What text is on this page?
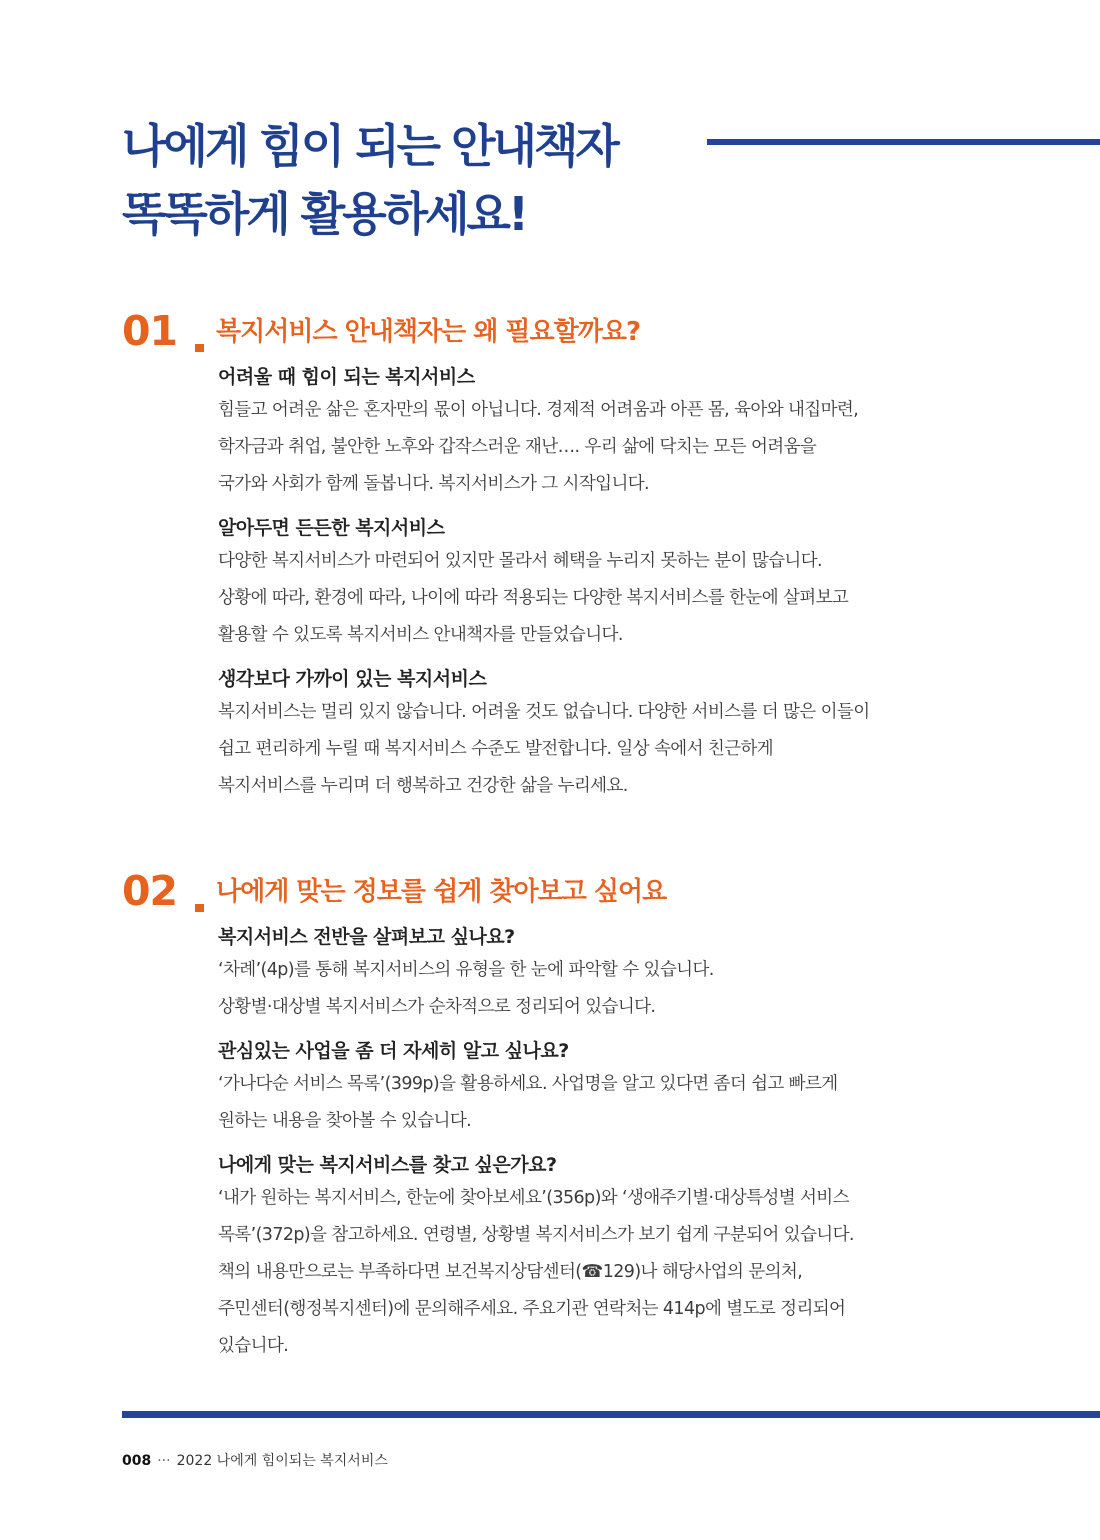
나에게 힘이 되는 안내책자
똑똑하게 활용하세요!
01 복지서비스 안내책자는 왜 필요할까요?
어려울 때 힘이 되는 복지서비스
힘들고 어려운 삶은 혼자만의 몫이 아닙니다. 경제적 어려움과 아픈 몸, 육아와 내집마련,
학자금과 취업, 불안한 노후와 갑작스러운 재난…. 우리 삶에 닥치는 모든 어려움을
국가와 사회가 함께 돌봅니다. 복지서비스가 그 시작입니다.
알아두면 든든한 복지서비스
다양한 복지서비스가 마련되어 있지만 몰라서 혜택을 누리지 못하는 분이 많습니다.
상황에 따라, 환경에 따라, 나이에 따라 적용되는 다양한 복지서비스를 한눈에 살펴보고
활용할 수 있도록 복지서비스 안내책자를 만들었습니다.
생각보다 가까이 있는 복지서비스
복지서비스는 멀리 있지 않습니다. 어려울 것도 없습니다. 다양한 서비스를 더 많은 이들이
쉽고 편리하게 누릴 때 복지서비스 수준도 발전합니다. 일상 속에서 친근하게
복지서비스를 누리며 더 행복하고 건강한 삶을 누리세요.
02 나에게 맞는 정보를 쉽게 찾아보고 싶어요
복지서비스 전반을 살펴보고 싶나요?
‘차례’(4p)를 통해 복지서비스의 유형을 한 눈에 파악할 수 있습니다.
상황별·대상별 복지서비스가 순차적으로 정리되어 있습니다.
관심있는 사업을 좀 더 자세히 알고 싶나요?
‘가나다순 서비스 목록’(399p)을 활용하세요. 사업명을 알고 있다면 좀더 쉽고 빠르게
원하는 내용을 찾아볼 수 있습니다.
나에게 맞는 복지서비스를 찾고 싶은가요?
‘내가 원하는 복지서비스, 한눈에 찾아보세요’(356p)와 ‘생애주기별·대상특성별 서비스
목록’(372p)을 참고하세요. 연령별, 상황별 복지서비스가 보기 쉽게 구분되어 있습니다.
책의 내용만으로는 부족하다면 보건복지상담센터(☎129)나 해당사업의 문의처,
주민센터(행정복지센터)에 문의해주세요. 주요기관 연락처는 414p에 별도로 정리되어
있습니다.
008 ··· 2022 나에게 힘이되는 복지서비스
